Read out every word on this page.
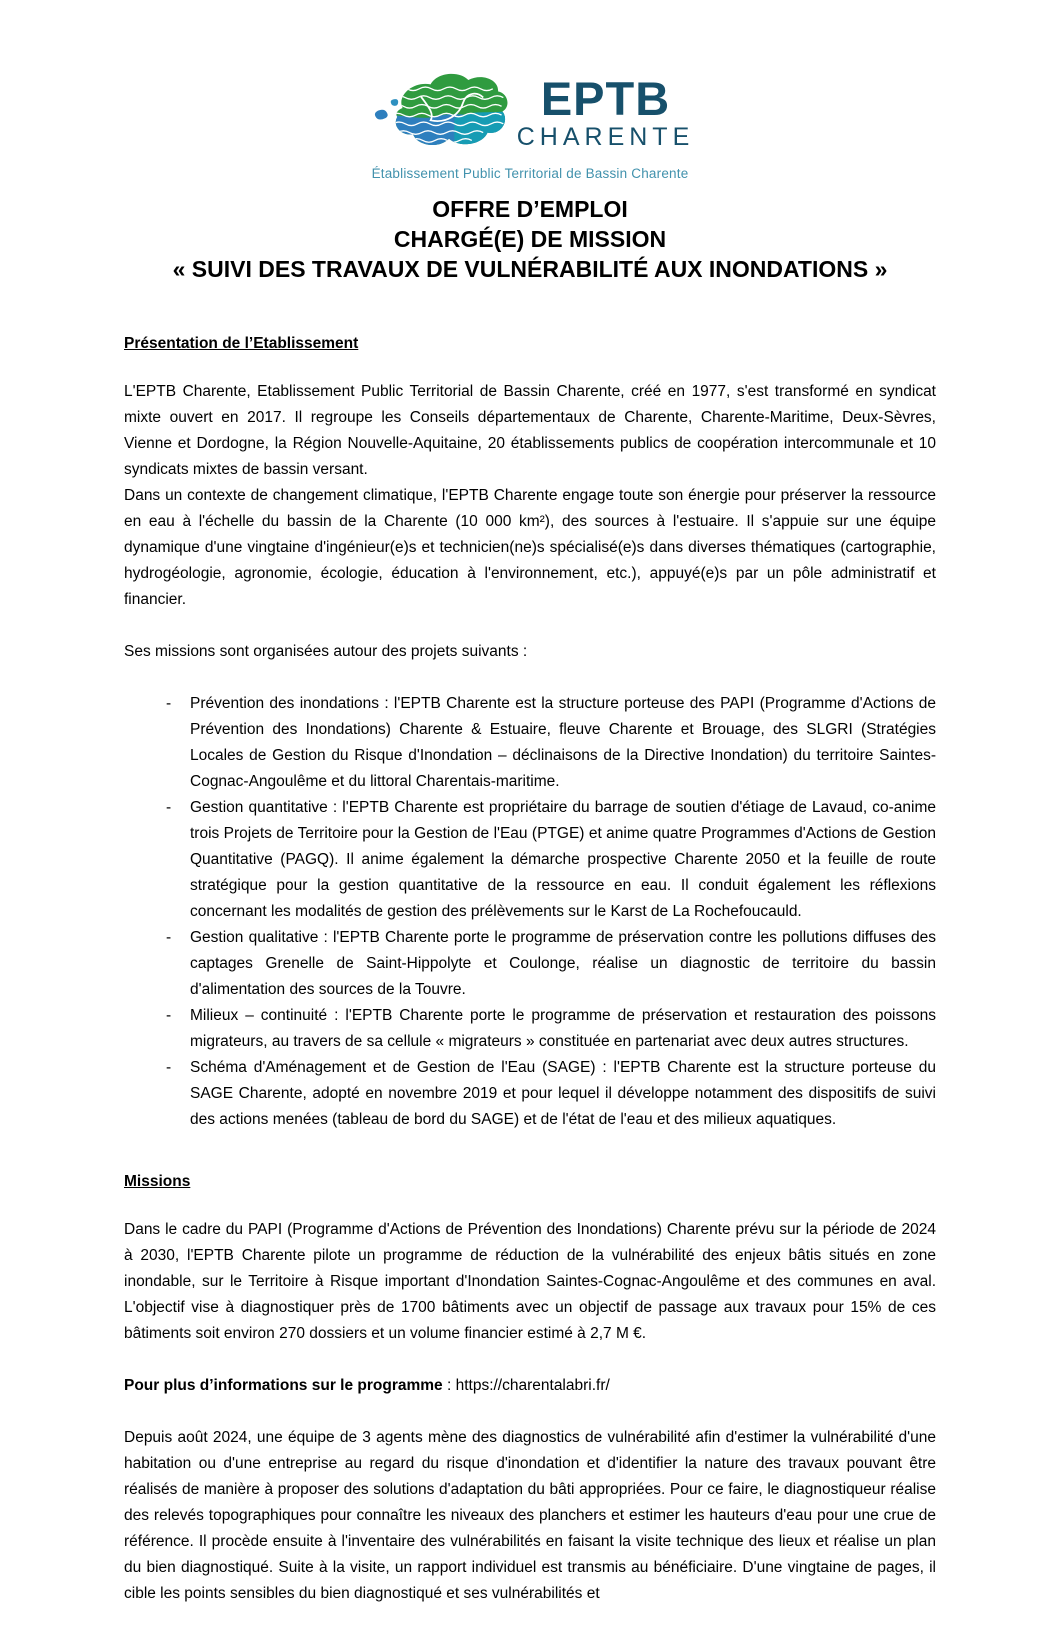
EPTB
CHARENTE
Établissement Public Territorial de Bassin Charente
OFFRE D’EMPLOI
CHARGÉ(E) DE MISSION
« SUIVI DES TRAVAUX DE VULNÉRABILITÉ AUX INONDATIONS »
Présentation de l’Etablissement

L'EPTB Charente, Etablissement Public Territorial de Bassin Charente, créé en 1977, s'est transformé en syndicat mixte ouvert en 2017. Il regroupe les Conseils départementaux de Charente, Charente-Maritime, Deux-Sèvres, Vienne et Dordogne, la Région Nouvelle-Aquitaine, 20 établissements publics de coopération intercommunale et 10 syndicats mixtes de bassin versant.

Dans un contexte de changement climatique, l'EPTB Charente engage toute son énergie pour préserver la ressource en eau à l'échelle du bassin de la Charente (10 000 km²), des sources à l'estuaire. Il s'appuie sur une équipe dynamique d'une vingtaine d'ingénieur(e)s et technicien(ne)s spécialisé(e)s dans diverses thématiques (cartographie, hydrogéologie, agronomie, écologie, éducation à l'environnement, etc.), appuyé(e)s par un pôle administratif et financier.

Ses missions sont organisées autour des projets suivants :

-	Prévention des inondations : l'EPTB Charente est la structure porteuse des PAPI (Programme d'Actions de Prévention des Inondations) Charente & Estuaire, fleuve Charente et Brouage, des SLGRI (Stratégies Locales de Gestion du Risque d'Inondation – déclinaisons de la Directive Inondation) du territoire Saintes-Cognac-Angoulême et du littoral Charentais-maritime.
-	Gestion quantitative : l'EPTB Charente est propriétaire du barrage de soutien d'étiage de Lavaud, co-anime trois Projets de Territoire pour la Gestion de l'Eau (PTGE) et anime quatre Programmes d'Actions de Gestion Quantitative (PAGQ). Il anime également la démarche prospective Charente 2050 et la feuille de route stratégique pour la gestion quantitative de la ressource en eau. Il conduit également les réflexions concernant les modalités de gestion des prélèvements sur le Karst de La Rochefoucauld.
-	Gestion qualitative : l'EPTB Charente porte le programme de préservation contre les pollutions diffuses des captages Grenelle de Saint-Hippolyte et Coulonge, réalise un diagnostic de territoire du bassin d'alimentation des sources de la Touvre.
-	Milieux – continuité : l'EPTB Charente porte le programme de préservation et restauration des poissons migrateurs, au travers de sa cellule « migrateurs » constituée en partenariat avec deux autres structures.
-	Schéma d'Aménagement et de Gestion de l'Eau (SAGE) : l'EPTB Charente est la structure porteuse du SAGE Charente, adopté en novembre 2019 et pour lequel il développe notamment des dispositifs de suivi des actions menées (tableau de bord du SAGE) et de l'état de l'eau et des milieux aquatiques.
Missions

Dans le cadre du PAPI (Programme d'Actions de Prévention des Inondations) Charente prévu sur la période de 2024 à 2030, l'EPTB Charente pilote un programme de réduction de la vulnérabilité des enjeux bâtis situés en zone inondable, sur le Territoire à Risque important d'Inondation Saintes-Cognac-Angoulême et des communes en aval. L'objectif vise à diagnostiquer près de 1700 bâtiments avec un objectif de passage aux travaux pour 15% de ces bâtiments soit environ 270 dossiers et un volume financier estimé à 2,7 M €.

Pour plus d’informations sur le programme : https://charentalabri.fr/

Depuis août 2024, une équipe de 3 agents mène des diagnostics de vulnérabilité afin d'estimer la vulnérabilité d'une habitation ou d'une entreprise au regard du risque d'inondation et d'identifier la nature des travaux pouvant être réalisés de manière à proposer des solutions d'adaptation du bâti appropriées. Pour ce faire, le diagnostiqueur réalise des relevés topographiques pour connaître les niveaux des planchers et estimer les hauteurs d'eau pour une crue de référence. Il procède ensuite à l'inventaire des vulnérabilités en faisant la visite technique des lieux et réalise un plan du bien diagnostiqué. Suite à la visite, un rapport individuel est transmis au bénéficiaire. D'une vingtaine de pages, il cible les points sensibles du bien diagnostiqué et ses vulnérabilités et
